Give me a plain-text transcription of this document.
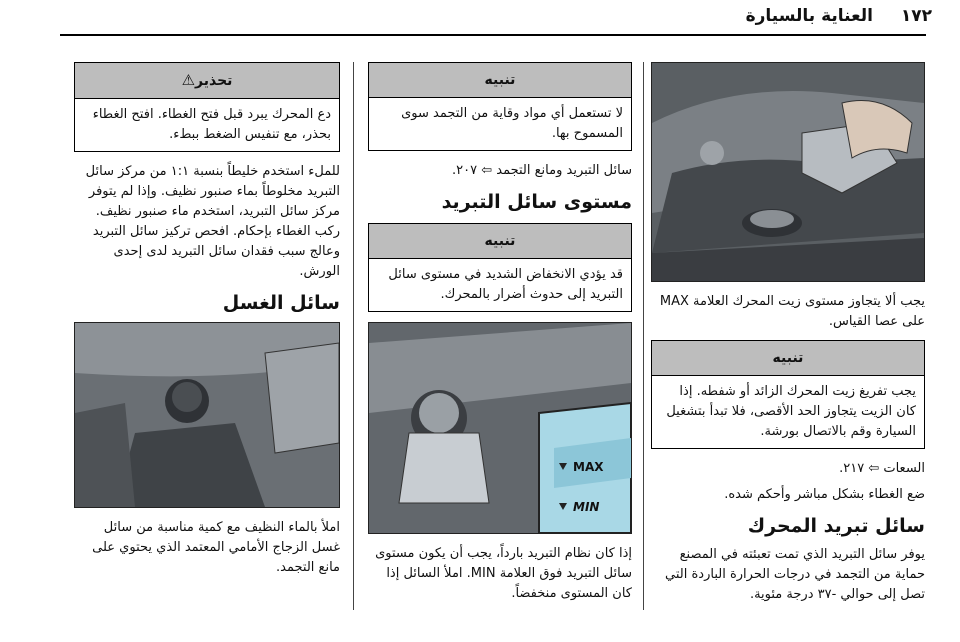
١٧٢ العناية بالسيارة

يجب ألا يتجاوز مستوى زيت المحرك العلامة MAX على عصا القياس.

تنبيه
يجب تفريغ زيت المحرك الزائد أو شفطه. إذا كان الزيت يتجاوز الحد الأقصى، فلا تبدأ بتشغيل السيارة وقم بالاتصال بورشة.

السعات ⇦ ٢١٧.

ضع الغطاء بشكل مباشر وأحكم شده.

سائل تبريد المحرك

يوفر سائل التبريد الذي تمت تعبئته في المصنع حماية من التجمد في درجات الحرارة الباردة التي تصل إلى حوالي -٣٧ درجة مئوية.

تنبيه
لا تستعمل أي مواد وقاية من التجمد سوى المسموح بها.

سائل التبريد ومانع التجمد ⇦ ٢٠٧.

مستوى سائل التبريد
تنبيه
قد يؤدي الانخفاض الشديد في مستوى سائل التبريد إلى حدوث أضرار بالمحرك.
MAX
MIN

إذا كان نظام التبريد بارداً، يجب أن يكون مستوى سائل التبريد فوق العلامة MIN. املأ السائل إذا كان المستوى منخفضاً.

تحذير⚠
دع المحرك يبرد قبل فتح الغطاء. افتح الغطاء بحذر، مع تنفيس الضغط ببطء.

للملء استخدم خليطاً بنسبة ١:١ من مركز سائل التبريد مخلوطاً بماء صنبور نظيف. وإذا لم يتوفر مركز سائل التبريد، استخدم ماء صنبور نظيف. ركب الغطاء بإحكام. افحص تركيز سائل التبريد وعالج سبب فقدان سائل التبريد لدى إحدى الورش.

سائل الغسل

املأ بالماء النظيف مع كمية مناسبة من سائل غسل الزجاج الأمامي المعتمد الذي يحتوي على مانع التجمد.
